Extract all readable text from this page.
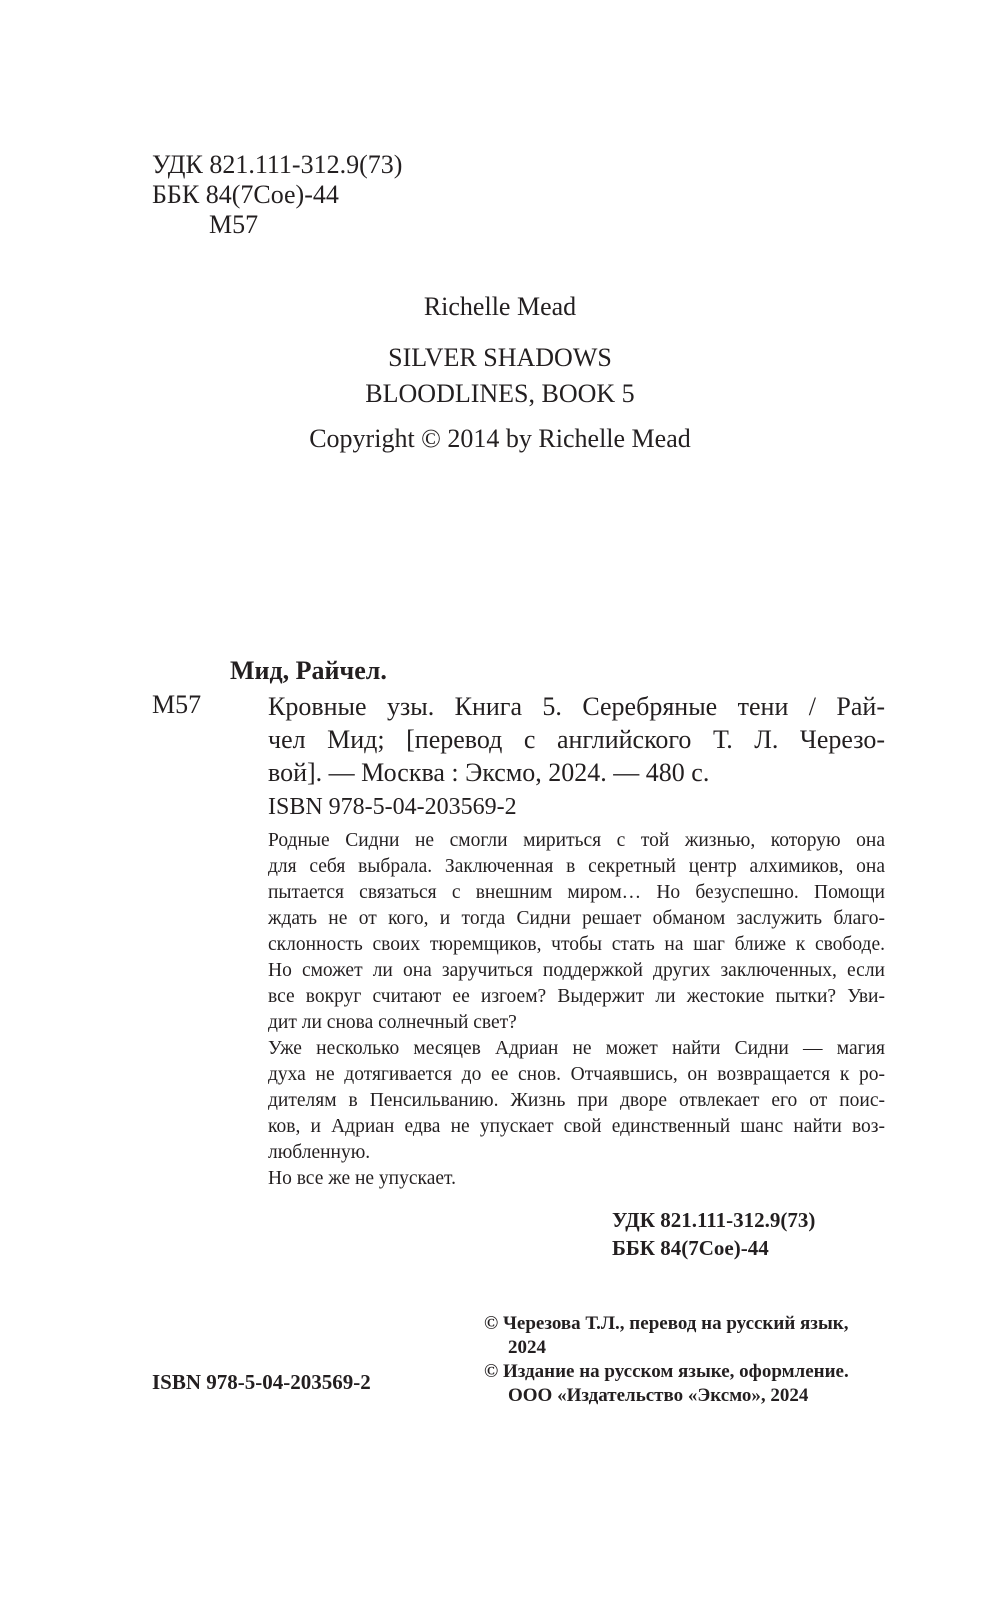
УДК 821.111-312.9(73)
ББК 84(7Сое)-44
М57
Richelle Mead
SILVER SHADOWS
BLOODLINES, BOOK 5
Copyright © 2014 by Richelle Mead
Мид, Райчел.
М57	Кровные узы. Книга 5. Серебряные тени / Рай-
чел Мид; [перевод с английского Т. Л. Черезо-
вой]. — Москва : Эксмо, 2024. — 480 с.
ISBN 978-5-04-203569-2
Родные Сидни не смогли мириться с той жизнью, которую она
для себя выбрала. Заключенная в секретный центр алхимиков, она
пытается связаться с внешним миром… Но безуспешно. Помощи
ждать не от кого, и тогда Сидни решает обманом заслужить благо-
склонность своих тюремщиков, чтобы стать на шаг ближе к свободе.
Но сможет ли она заручиться поддержкой других заключенных, если
все вокруг считают ее изгоем? Выдержит ли жестокие пытки? Уви-
дит ли снова солнечный свет?
Уже несколько месяцев Адриан не может найти Сидни — магия
духа не дотягивается до ее снов. Отчаявшись, он возвращается к ро-
дителям в Пенсильванию. Жизнь при дворе отвлекает его от поис-
ков, и Адриан едва не упускает свой единственный шанс найти воз-
любленную.
Но все же не упускает.
УДК 821.111-312.9(73)
ББК 84(7Сое)-44
© Черезова Т.Л., перевод на русский язык,
2024
© Издание на русском языке, оформление.
ООО «Издательство «Эксмо», 2024
ISBN 978-5-04-203569-2
